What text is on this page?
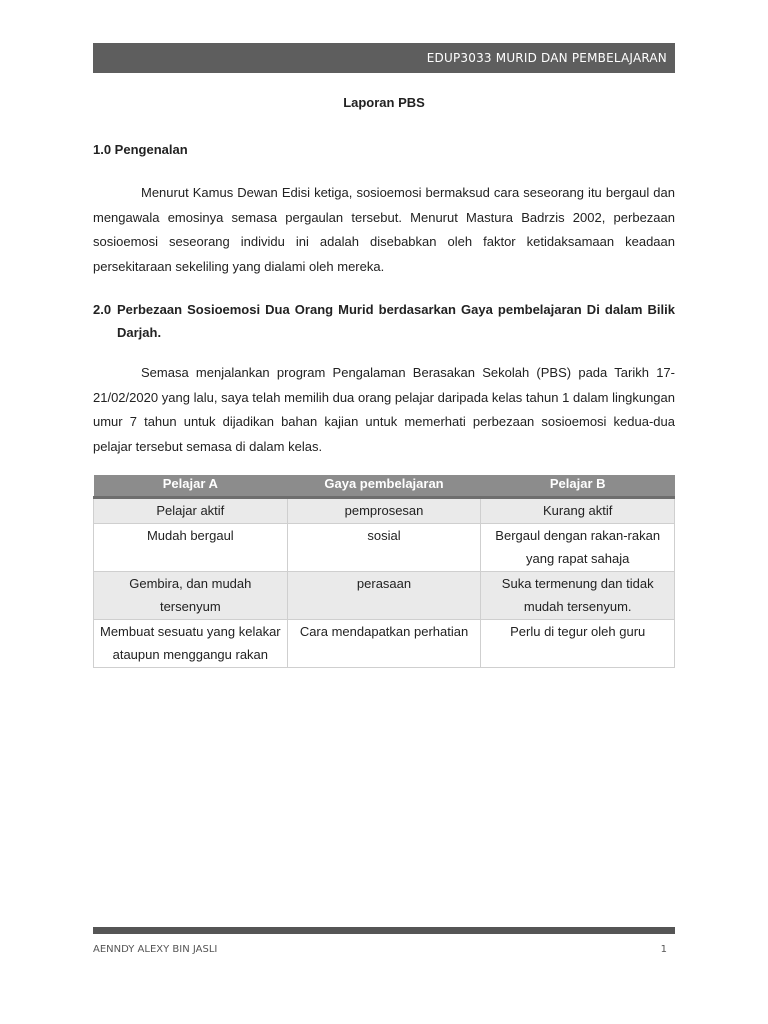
EDUP3033 MURID DAN PEMBELAJARAN
Laporan PBS
1.0 Pengenalan
Menurut Kamus Dewan Edisi ketiga, sosioemosi bermaksud cara seseorang itu bergaul dan mengawala emosinya semasa pergaulan tersebut. Menurut Mastura Badrzis 2002, perbezaan sosioemosi seseorang individu ini adalah disebabkan oleh faktor ketidaksamaan keadaan persekitaraan sekeliling yang dialami oleh mereka.
2.0 Perbezaan Sosioemosi Dua Orang Murid berdasarkan Gaya pembelajaran Di dalam Bilik Darjah.
Semasa menjalankan program Pengalaman Berasakan Sekolah (PBS) pada Tarikh 17-21/02/2020 yang lalu, saya telah memilih dua orang pelajar daripada kelas tahun 1 dalam lingkungan umur 7 tahun untuk dijadikan bahan kajian untuk memerhati perbezaan sosioemosi kedua-dua pelajar tersebut semasa di dalam kelas.
Pelajar A	Gaya pembelajaran	Pelajar B
Pelajar aktif	pemprosesan	Kurang aktif
Mudah bergaul	sosial	Bergaul dengan rakan-rakan yang rapat sahaja
Gembira, dan mudah tersenyum	perasaan	Suka termenung dan tidak mudah tersenyum.
Membuat sesuatu yang kelakar ataupun menggangu rakan	Cara mendapatkan perhatian	Perlu di tegur oleh guru
AENNDY ALEXY BIN JASLI	1
